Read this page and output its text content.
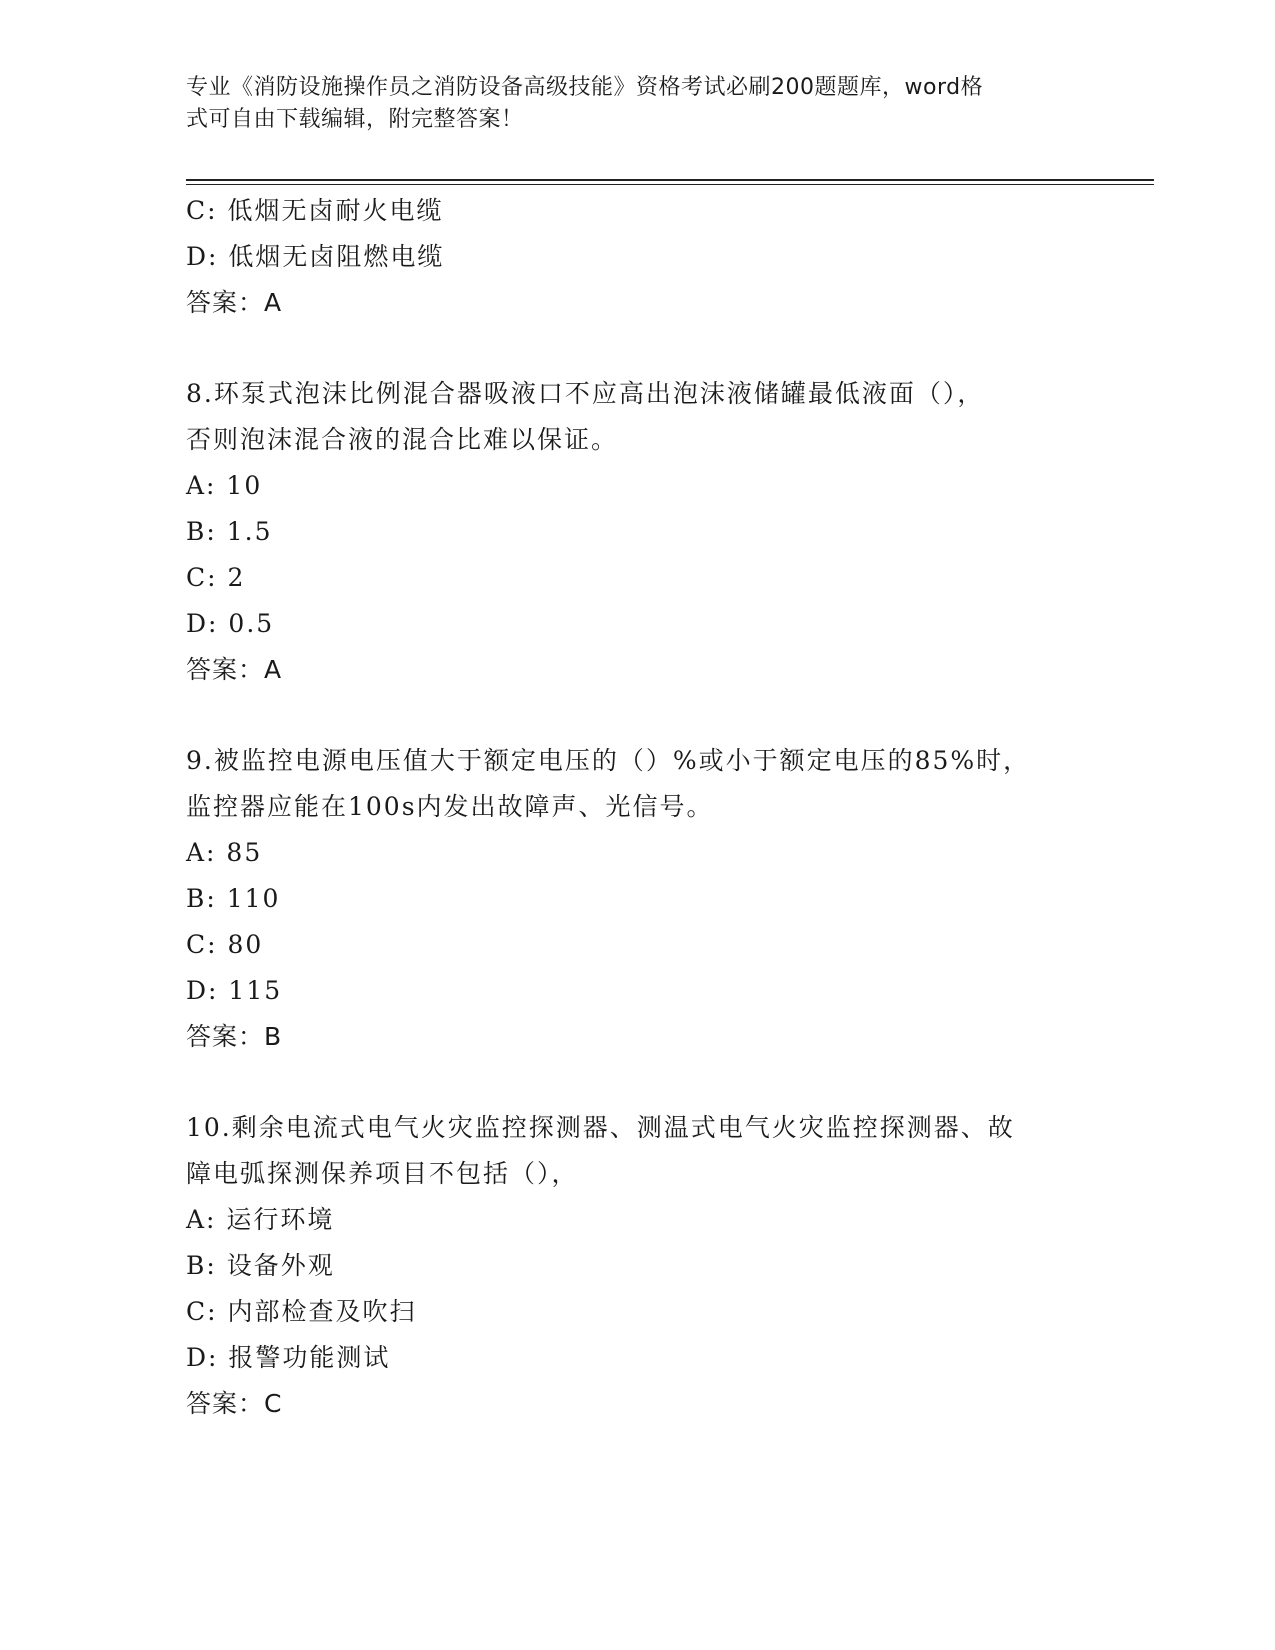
专业《消防设施操作员之消防设备高级技能》资格考试必刷200题题库，word格
式可自由下载编辑，附完整答案！
C: 低烟无卤耐火电缆
D: 低烟无卤阻燃电缆
答案：A
8.环泵式泡沫比例混合器吸液口不应高出泡沫液储罐最低液面（），
否则泡沫混合液的混合比难以保证。
A: 10
B: 1.5
C: 2
D: 0.5
答案：A
9.被监控电源电压值大于额定电压的（）%或小于额定电压的85%时，
监控器应能在100s内发出故障声、光信号。
A: 85
B: 110
C: 80
D: 115
答案：B
10.剩余电流式电气火灾监控探测器、测温式电气火灾监控探测器、故
障电弧探测保养项目不包括（），
A: 运行环境
B: 设备外观
C: 内部检查及吹扫
D: 报警功能测试
答案：C
